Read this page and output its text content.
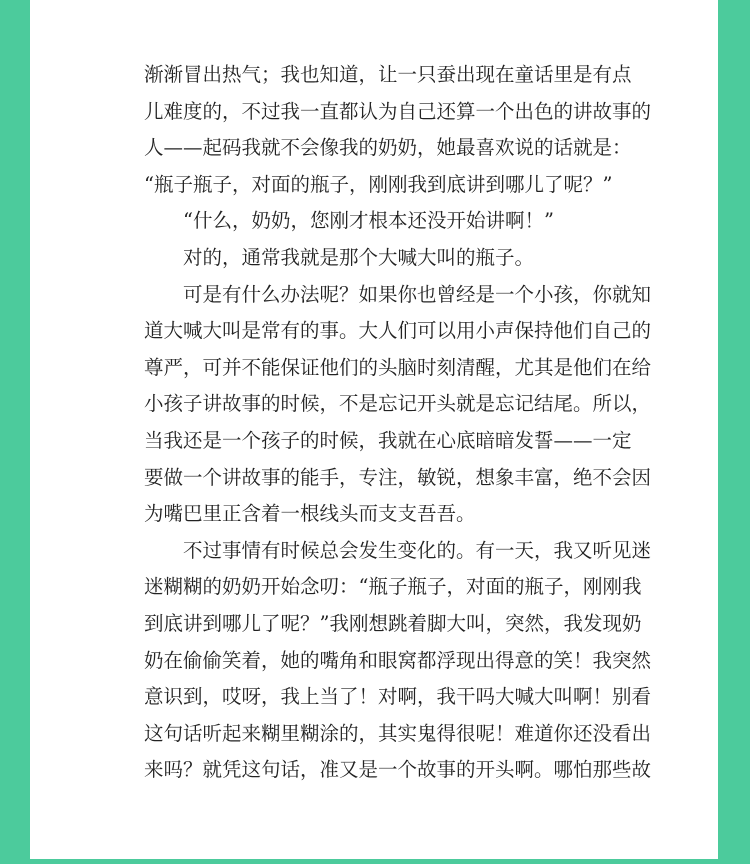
渐渐冒出热气；我也知道，让一只蚕出现在童话里是有点
儿难度的，不过我一直都认为自己还算一个出色的讲故事的
人——起码我就不会像我的奶奶，她最喜欢说的话就是：
“瓶子瓶子，对面的瓶子，刚刚我到底讲到哪儿了呢？”
“什么，奶奶，您刚才根本还没开始讲啊！”
对的，通常我就是那个大喊大叫的瓶子。
可是有什么办法呢？如果你也曾经是一个小孩，你就知
道大喊大叫是常有的事。大人们可以用小声保持他们自己的
尊严，可并不能保证他们的头脑时刻清醒，尤其是他们在给
小孩子讲故事的时候，不是忘记开头就是忘记结尾。所以，
当我还是一个孩子的时候，我就在心底暗暗发誓——一定
要做一个讲故事的能手，专注，敏锐，想象丰富，绝不会因
为嘴巴里正含着一根线头而支支吾吾。
不过事情有时候总会发生变化的。有一天，我又听见迷
迷糊糊的奶奶开始念叨：“瓶子瓶子，对面的瓶子，刚刚我
到底讲到哪儿了呢？”我刚想跳着脚大叫，突然，我发现奶
奶在偷偷笑着，她的嘴角和眼窝都浮现出得意的笑！我突然
意识到，哎呀，我上当了！对啊，我干吗大喊大叫啊！别看
这句话听起来糊里糊涂的，其实鬼得很呢！难道你还没看出
来吗？就凭这句话，准又是一个故事的开头啊。哪怕那些故
